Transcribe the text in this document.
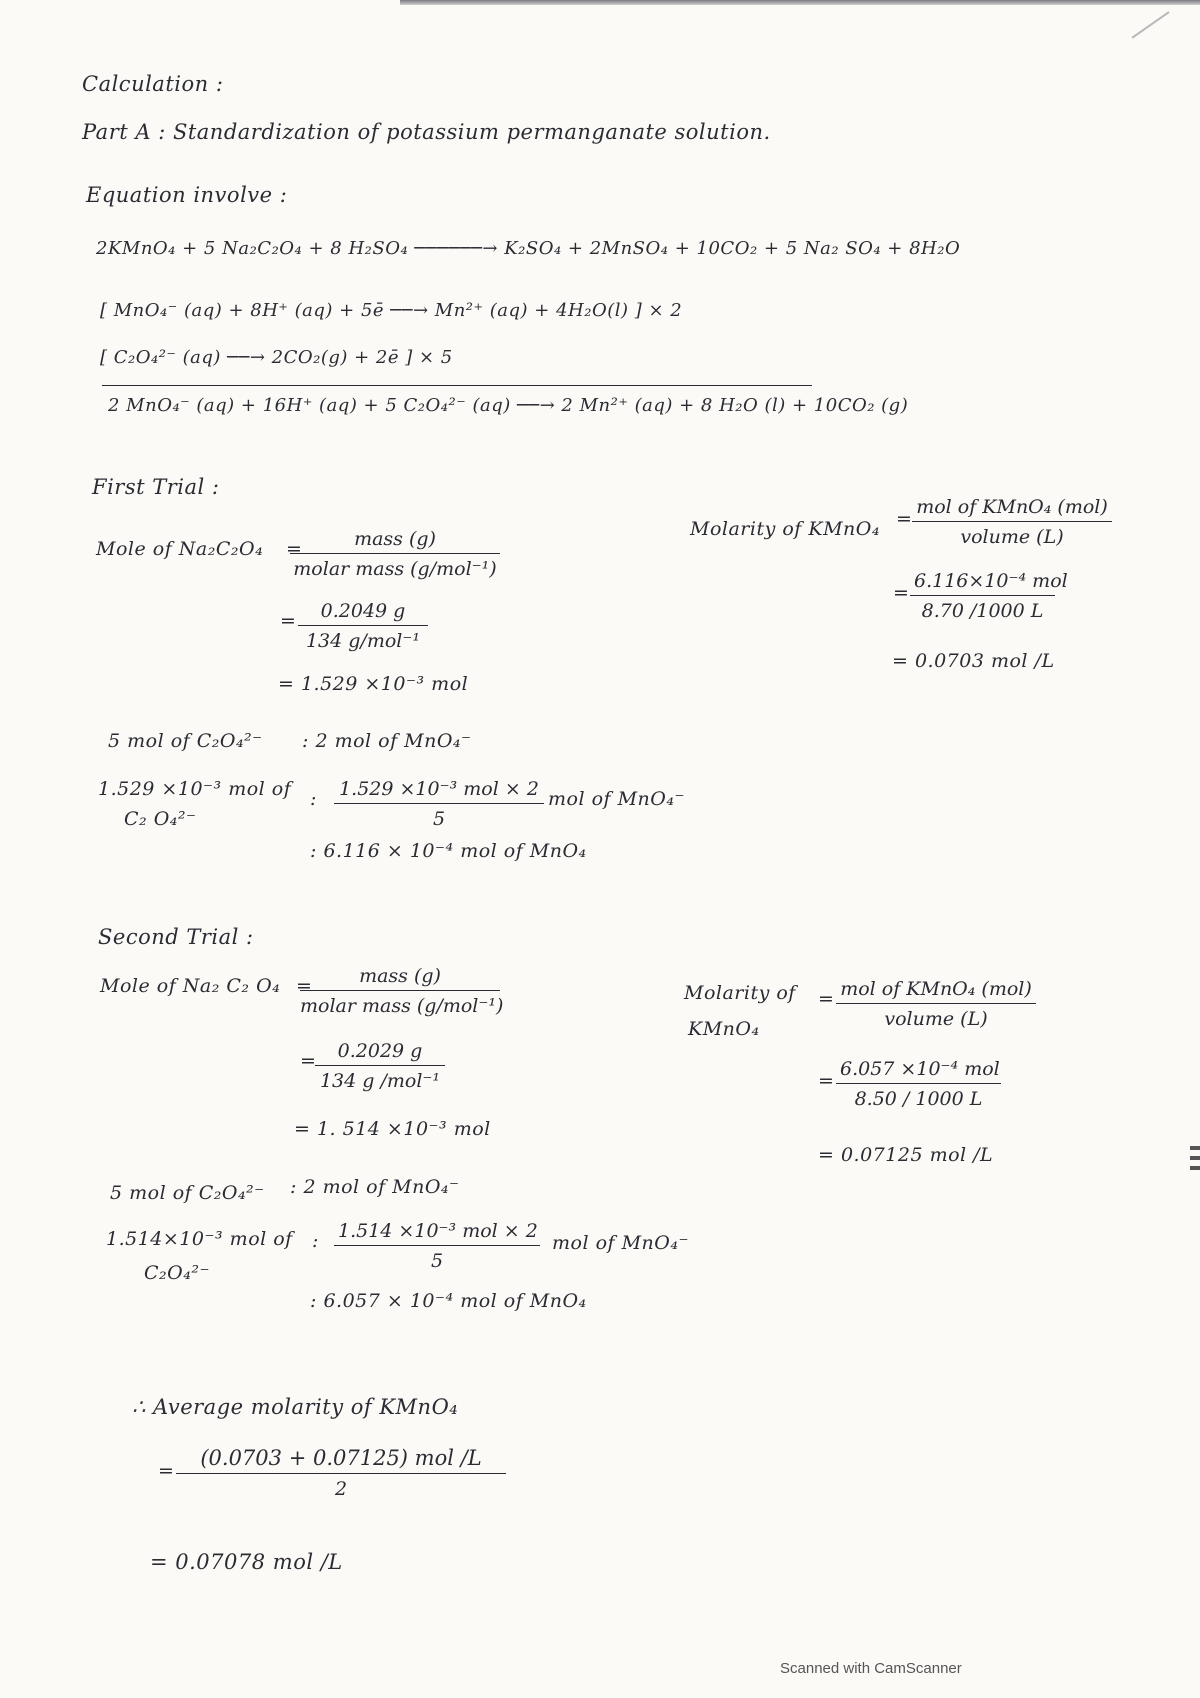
Calculation :
Part A : Standardization of potassium permanganate solution.
Equation involve :
2KMnO₄ + 5 Na₂C₂O₄ + 8 H₂SO₄ ──────→ K₂SO₄ + 2MnSO₄ + 10CO₂ + 5 Na₂ SO₄ + 8H₂O
[ MnO₄⁻ (aq) + 8H⁺ (aq) + 5ē ──→ Mn²⁺ (aq) + 4H₂O(l) ] × 2
[ C₂O₄²⁻ (aq) ──→ 2CO₂(g) + 2ē ] × 5
2 MnO₄⁻ (aq) + 16H⁺ (aq) + 5 C₂O₄²⁻ (aq) ──→ 2 Mn²⁺ (aq) + 8 H₂O (l) + 10CO₂ (g)
First Trial :
Mole of Na₂C₂O₄ =	mass (g)
molar mass (g/mol⁻¹)
=	0.2049 g
134 g/mol⁻¹
= 1.529 ×10⁻³ mol
5 mol of C₂O₄²⁻ : 2 mol of MnO₄⁻
1.529 ×10⁻³ mol of
C₂ O₄²⁻
: 1.529 ×10⁻³ mol × 2
5
mol of MnO₄⁻
: 6.116 × 10⁻⁴ mol of MnO₄
Molarity of KMnO₄ =
mol of KMnO₄ (mol)
volume (L)
=
6.116×10⁻⁴ mol
8.70 /1000 L
= 0.0703 mol /L
Second Trial :
Mole of Na₂ C₂ O₄ =	mass (g)
molar mass (g/mol⁻¹)
=	0.2029 g
134 g /mol⁻¹
= 1. 514 ×10⁻³ mol
5 mol of C₂O₄²⁻ : 2 mol of MnO₄⁻
1.514×10⁻³ mol of
C₂O₄²⁻
: 1.514 ×10⁻³ mol × 2
5
mol of MnO₄⁻
: 6.057 × 10⁻⁴ mol of MnO₄
Molarity of
KMnO₄
= mol of KMnO₄ (mol)
volume (L)
=
6.057 ×10⁻⁴ mol
8.50 / 1000 L
= 0.07125 mol /L
∴ Average molarity of KMnO₄
=
(0.0703 + 0.07125) mol /L
2
= 0.07078 mol /L
Scanned with CamScanner
